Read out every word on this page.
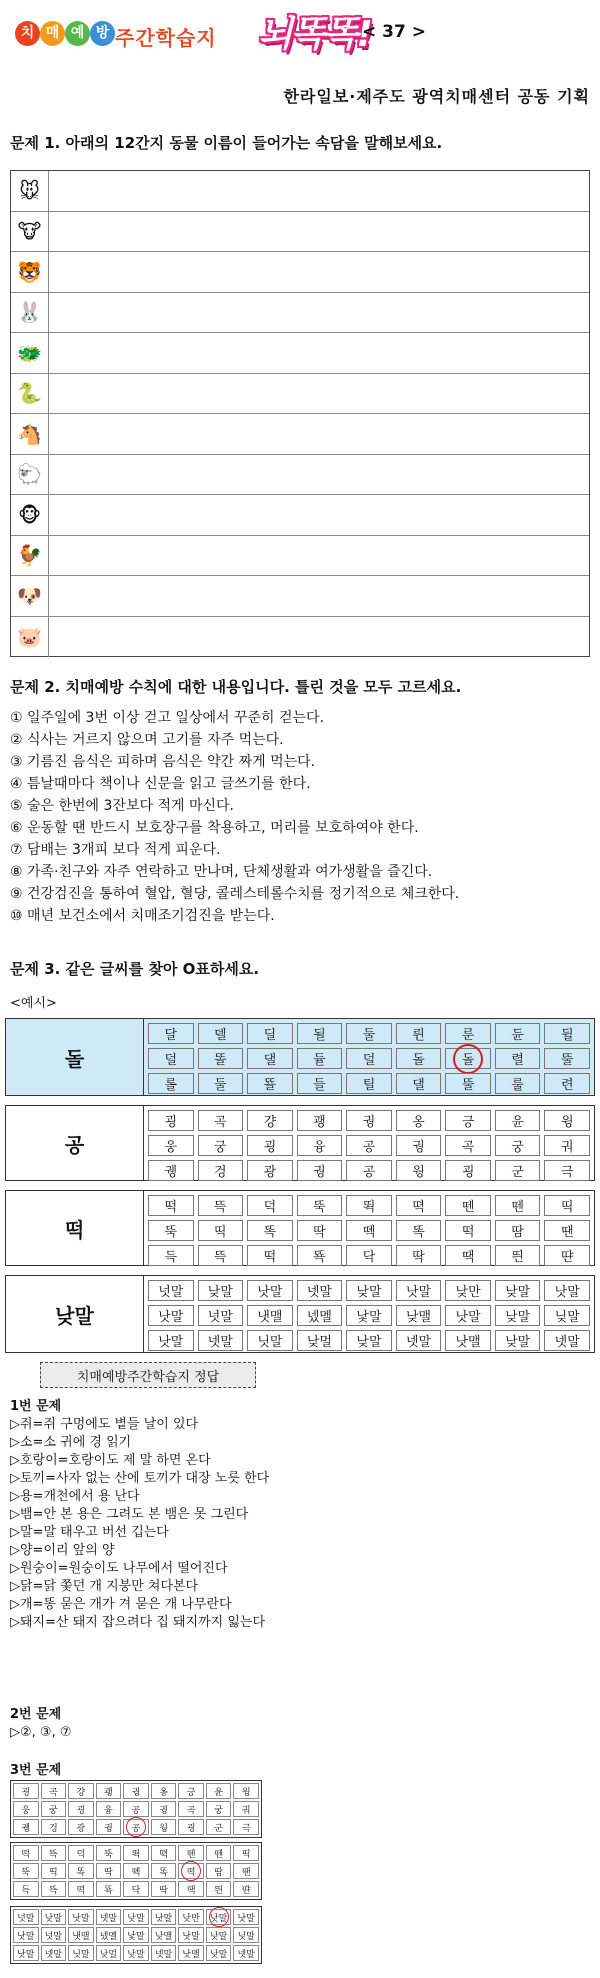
치 매 예 방 주간학습지 뇌똑똑!
< 37 >
한라일보·제주도 광역치매센터 공동 기획
문제 1. 아래의 12간지 동물 이름이 들어가는 속담을 말해보세요.
🐭
🐮
🐯
🐰
🐲
🐍
🐴
🐑
🐵
🐓
🐶
🐷
문제 2. 치매예방 수칙에 대한 내용입니다. 틀린 것을 모두 고르세요.
① 일주일에 3번 이상 걷고 일상에서 꾸준히 걷는다.
② 식사는 거르지 않으며 고기를 자주 먹는다.
③ 기름진 음식은 피하며 음식은 약간 짜게 먹는다.
④ 틈날때마다 책이나 신문을 읽고 글쓰기를 한다.
⑤ 술은 한번에 3잔보다 적게 마신다.
⑥ 운동할 땐 반드시 보호장구를 착용하고, 머리를 보호하여야 한다.
⑦ 담배는 3개피 보다 적게 피운다.
⑧ 가족·친구와 자주 연락하고 만나며, 단체생활과 여가생활을 즐긴다.
⑨ 건강검진을 통하여 혈압, 혈당, 콜레스테롤수치를 정기적으로 체크한다.
⑩ 매년 보건소에서 치매조기검진을 받는다.
문제 3. 같은 글씨를 찾아 O표하세요.
<예시>
돌
달	델	딜	될	둘	륀	룬	듄	뒬
덜	똘	댈	듈	덜	돌	돌	렬	뚤
롤	둘	뚈	들	틸	댈	뚤	룰	련
공
굉	곡	걍	괭	궝	옹	긍	윤	윙
웅	궁	굉	융	공	궝	곡	궁	궈
궹	겅	광	궝	공	웡	굉	군	극
떡
떡	뜩	덕	뚝	뙥	뗙	뗀	뗀	띡
뚝	띡	똑	딱	뗵	똑	떡	땀	땐
득	뜩	떡	뚁	닥	딱	땍	띈	땬
낮말
넛말	낮말	낫말	넷말	낮말	낫말	낮만	낮말	낫말
낫말	넛말	냇맬	넸멜	낯말	낮맬	낫말	낮말	닞말
낫말	넷말	닛말	낮멀	낮말	넷말	낫맬	낮말	넷말
치매예방주간학습지 정답
1번 문제
▷쥐=쥐 구멍에도 볕들 날이 있다
▷소=소 귀에 경 읽기
▷호랑이=호랑이도 제 말 하면 온다
▷토끼=사자 없는 산에 토끼가 대장 노릇 한다
▷용=개천에서 용 난다
▷뱀=안 본 용은 그려도 본 뱀은 못 그린다
▷말=말 태우고 버선 깁는다
▷양=이리 앞의 양
▷원숭이=원숭이도 나무에서 떨어진다
▷닭=닭 쫓던 개 지붕만 쳐다본다
▷개=똥 묻은 개가 겨 묻은 개 나무란다
▷돼지=산 돼지 잡으려다 집 돼지까지 잃는다
2번 문제
▷②, ③, ⑦
3번 문제
굉	곡	걍	괭	궝	옹	긍	윤	윙
웅	궁	굉	융	공	궝	곡	궁	궈
궹	겅	광	궝	공	웡	굉	군	극
떡	뜩	덕	뚝	뙥	뗙	뗀	뗀	띡
뚝	띡	똑	딱	뗵	똑	떡	땀	땐
득	뜩	떡	뚁	닥	딱	땍	띈	땬
넛말	낮말	낫말	넷말	낮말	낫말	낮만	낮말	낫말
낫말	넛말	냇맬	넸멜	낯말	낮맬	낫말	낮말	닞말
낫말	넷말	닛말	낮멀	낮말	넷말	낫맬	낮말	넷말
